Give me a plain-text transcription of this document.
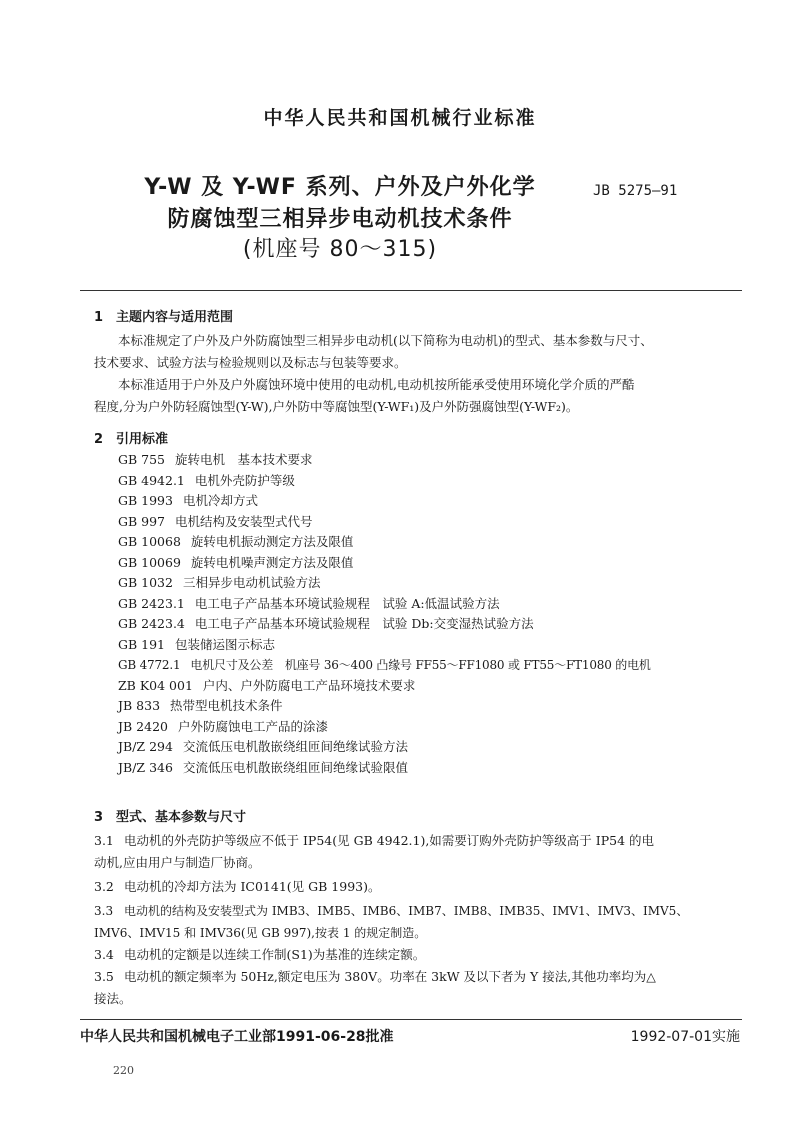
中华人民共和国机械行业标准
Y-W 及 Y-WF 系列、户外及户外化学
防腐蚀型三相异步电动机技术条件
(机座号 80～315)
JB 5275—91
1 主题内容与适用范围
本标准规定了户外及户外防腐蚀型三相异步电动机(以下简称为电动机)的型式、基本参数与尺寸、
技术要求、试验方法与检验规则以及标志与包装等要求。
本标准适用于户外及户外腐蚀环境中使用的电动机,电动机按所能承受使用环境化学介质的严酷
程度,分为户外防轻腐蚀型(Y-W),户外防中等腐蚀型(Y-WF₁)及户外防强腐蚀型(Y-WF₂)。
2 引用标准
GB 755 旋转电机　基本技术要求
GB 4942.1 电机外壳防护等级
GB 1993 电机冷却方式
GB 997 电机结构及安装型式代号
GB 10068 旋转电机振动测定方法及限值
GB 10069 旋转电机噪声测定方法及限值
GB 1032 三相异步电动机试验方法
GB 2423.1 电工电子产品基本环境试验规程　试验 A:低温试验方法
GB 2423.4 电工电子产品基本环境试验规程　试验 Db:交变湿热试验方法
GB 191 包装储运图示标志
GB 4772.1 电机尺寸及公差　机座号 36～400 凸缘号 FF55～FF1080 或 FT55～FT1080 的电机
ZB K04 001 户内、户外防腐电工产品环境技术要求
JB 833 热带型电机技术条件
JB 2420 户外防腐蚀电工产品的涂漆
JB/Z 294 交流低压电机散嵌绕组匝间绝缘试验方法
JB/Z 346 交流低压电机散嵌绕组匝间绝缘试验限值
3 型式、基本参数与尺寸
3.1 电动机的外壳防护等级应不低于 IP54(见 GB 4942.1),如需要订购外壳防护等级高于 IP54 的电
动机,应由用户与制造厂协商。
3.2 电动机的冷却方法为 IC0141(见 GB 1993)。
3.3 电动机的结构及安装型式为 IMB3、IMB5、IMB6、IMB7、IMB8、IMB35、IMV1、IMV3、IMV5、
IMV6、IMV15 和 IMV36(见 GB 997),按表 1 的规定制造。
3.4 电动机的定额是以连续工作制(S1)为基准的连续定额。
3.5 电动机的额定频率为 50Hz,额定电压为 380V。功率在 3kW 及以下者为 Y 接法,其他功率均为△
接法。
中华人民共和国机械电子工业部1991-06-28批准	1992-07-01实施
220
